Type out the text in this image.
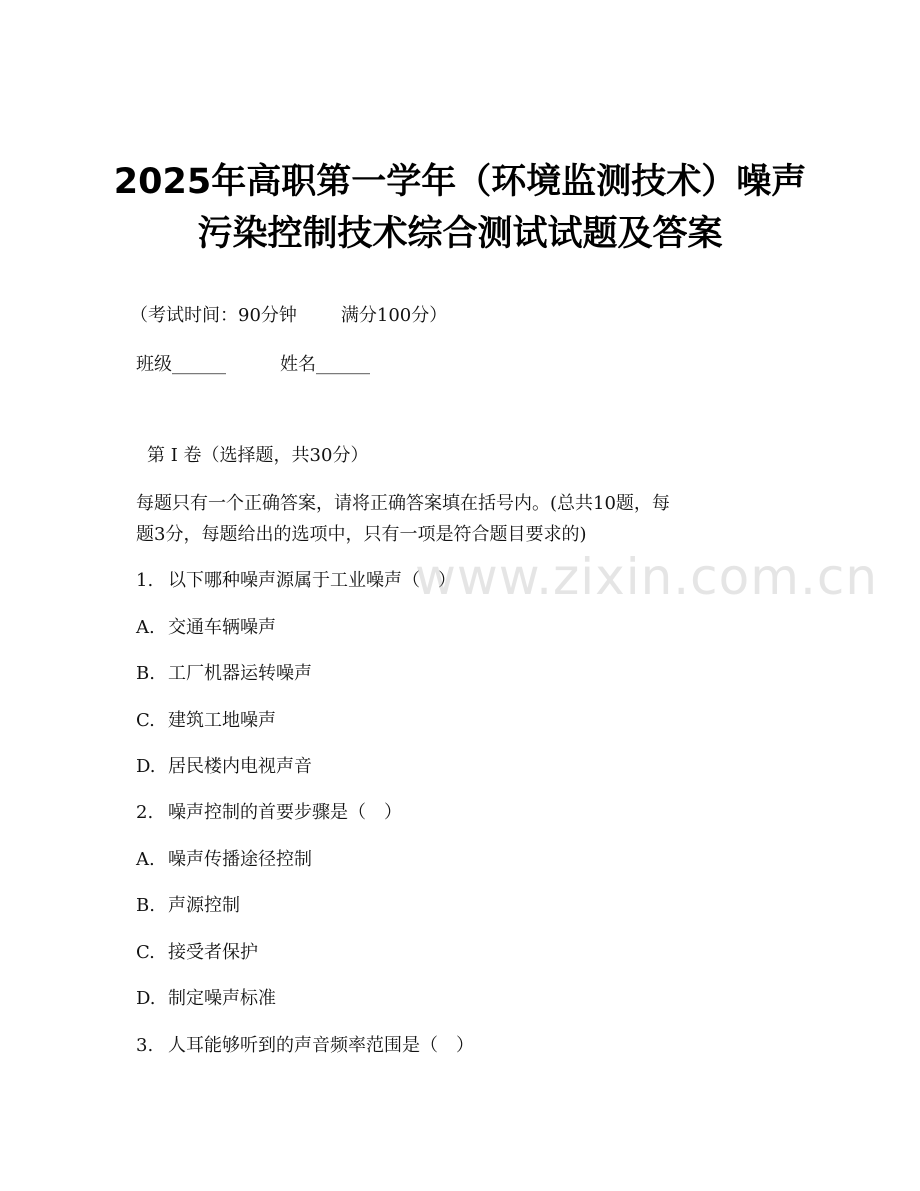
2025年高职第一学年（环境监测技术）噪声
污染控制技术综合测试试题及答案
（考试时间：90分钟 满分100分）
班级______	姓名______
第 I 卷（选择题，共30分）
每题只有一个正确答案，请将正确答案填在括号内。(总共10题，每
题3分，每题给出的选项中，只有一项是符合题目要求的)
1. 以下哪种噪声源属于工业噪声（　）
A. 交通车辆噪声
B. 工厂机器运转噪声
C. 建筑工地噪声
D. 居民楼内电视声音
2. 噪声控制的首要步骤是（　）
A. 噪声传播途径控制
B. 声源控制
C. 接受者保护
D. 制定噪声标准
3. 人耳能够听到的声音频率范围是（　）
www.zixin.com.cn
